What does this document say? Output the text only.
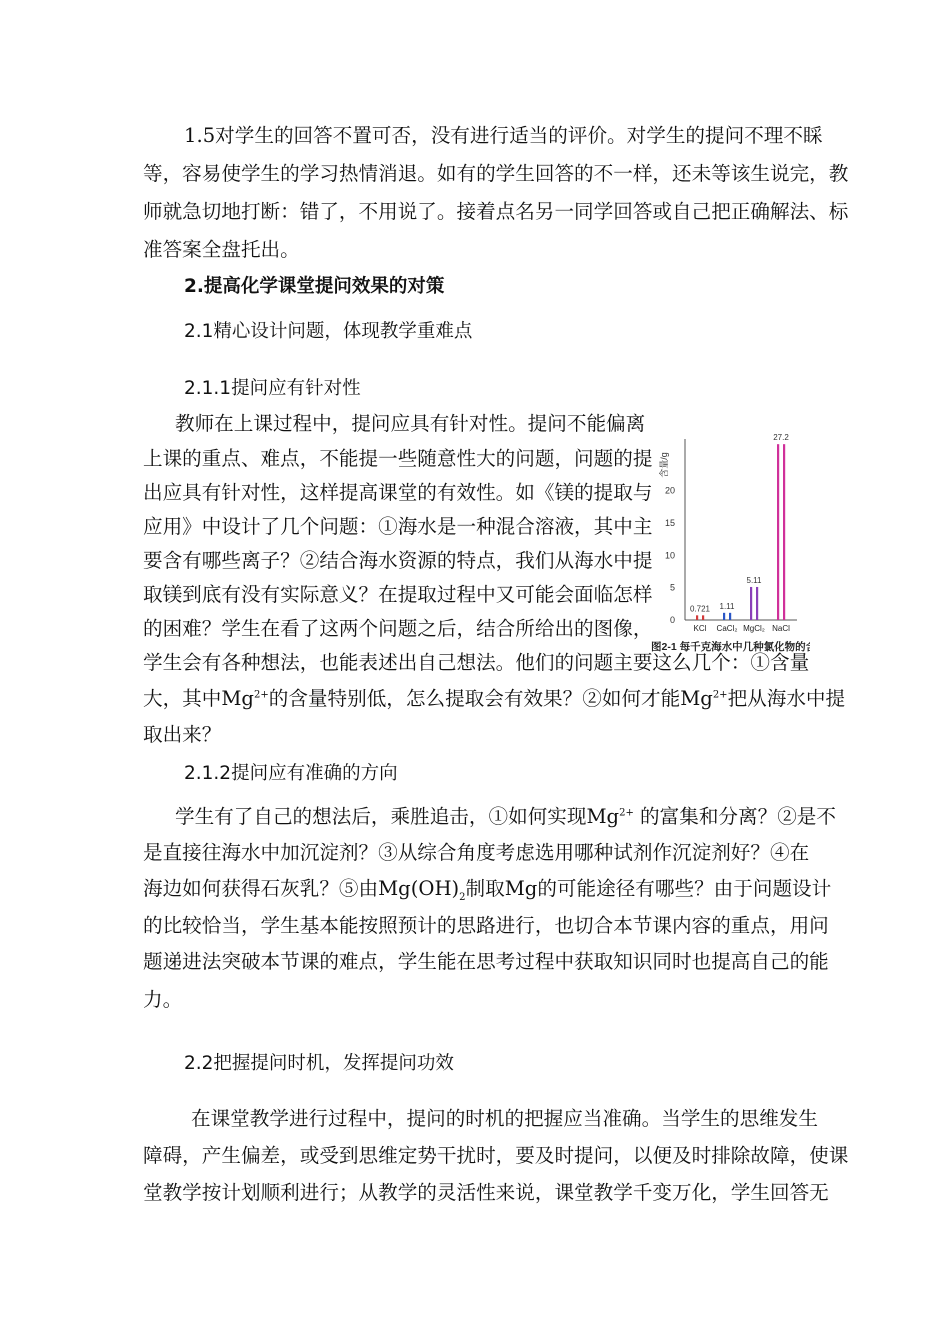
1.5对学生的回答不置可否，没有进行适当的评价。对学生的提问不理不睬
等，容易使学生的学习热情消退。如有的学生回答的不一样，还未等该生说完，教
师就急切地打断：错了，不用说了。接着点名另一同学回答或自己把正确解法、标
准答案全盘托出。
2.提高化学课堂提问效果的对策
2.1精心设计问题，体现教学重难点
2.1.1提问应有针对性
教师在上课过程中，提问应具有针对性。提问不能偏离
上课的重点、难点，不能提一些随意性大的问题，问题的提
出应具有针对性，这样提高课堂的有效性。如《镁的提取与
应用》中设计了几个问题：①海水是一种混合溶液，其中主
要含有哪些离子？②结合海水资源的特点，我们从海水中提
取镁到底有没有实际意义？在提取过程中又可能会面临怎样
的困难？学生在看了这两个问题之后，结合所给出的图像，
含量/g
0
5
10
15
20
0.721
KCl
1.11
CaCl₂
5.11
MgCl₂
27.2
NaCl
图2-1 每千克海水中几种氯化物的含量
学生会有各种想法，也能表述出自己想法。他们的问题主要这么几个：①含量
大，其中$Mg^{2+}$的含量特别低，怎么提取会有效果？②如何才能$Mg^{2+}$把从海水中提
取出来？
2.1.2提问应有准确的方向
学生有了自己的想法后，乘胜追击，①如何实现$Mg^{2+}$ 的富集和分离？②是不
是直接往海水中加沉淀剂？③从综合角度考虑选用哪种试剂作沉淀剂好？④在
海边如何获得石灰乳？⑤由$Mg(OH)_2$制取Mg的可能途径有哪些？由于问题设计
的比较恰当，学生基本能按照预计的思路进行，也切合本节课内容的重点，用问
题递进法突破本节课的难点，学生能在思考过程中获取知识同时也提高自己的能
力。
2.2把握提问时机，发挥提问功效
在课堂教学进行过程中，提问的时机的把握应当准确。当学生的思维发生
障碍，产生偏差，或受到思维定势干扰时，要及时提问，以便及时排除故障，使课
堂教学按计划顺利进行；从教学的灵活性来说，课堂教学千变万化，学生回答无
